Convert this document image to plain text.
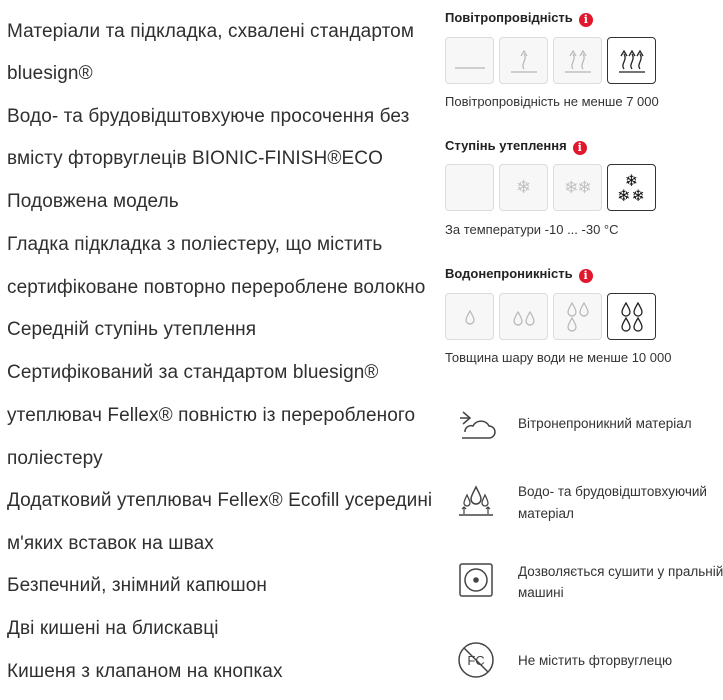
Матеріали та підкладка, схвалені стандартом
bluesign®
Водо- та брудовідштовхуюче просочення без
вмісту фторвуглеців BIONIC-FINISH®ECO
Подовжена модель
Гладка підкладка з поліестеру, що містить
сертифіковане повторно перероблене волокно
Середній ступінь утеплення
Сертифікований за стандартом bluesign®
утеплювач Fellex® повністю із переробленого
поліестеру
Додатковий утеплювач Fellex® Ecofill усередині
м'яких вставок на швах
Безпечний, знімний капюшон
Дві кишені на блискавці
Кишеня з клапаном на кнопках
Повітропровідність i
Повітропровідність не менше 7 000
Ступінь утеплення i
❄ ❄❄ ❄
❄❄
За температури -10 ... -30 °C
Водонепроникність i
Товщина шару води не менше 10 000
Вітронепроникний матеріал
Водо- та брудовідштовхуючий
матеріал
Дозволяється сушити у пральній
машині
FC Не містить фторвуглецю
